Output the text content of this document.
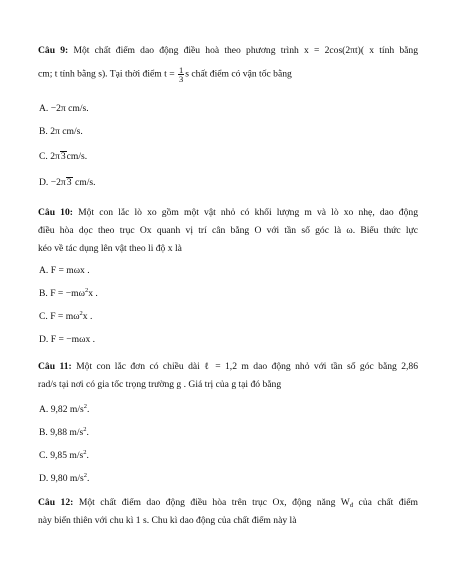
Câu 9: Một chất điểm dao động điều hoà theo phương trình x = 2cos(2πt)( x tính bằng
cm; t tính bằng s). Tại thời điểm $t = \frac{1}{3}$ s chất điểm có vận tốc bằng
A. −2π cm/s.
B. 2π cm/s.
C. 2π3cm/s.
D. −2π3 cm/s.
Câu 10: Một con lắc lò xo gồm một vật nhỏ có khối lượng m và lò xo nhẹ, dao động
điều hòa dọc theo trục Ox quanh vị trí cân bằng O với tần số góc là ω. Biểu thức lực
kéo về tác dụng lên vật theo li độ x là
A. F = mωx .
B. $F = -m\omega^2x$ .
C. $F = m\omega^2x$ .
D. F = −mωx .
Câu 11: Một con lắc đơn có chiều dài ℓ = 1,2 m dao động nhỏ với tần số góc bằng 2,86
rad/s tại nơi có gia tốc trọng trường g . Giá trị của g tại đó bằng
A. 9,82 $m/s^2$.
B. 9,88 $m/s^2$.
C. 9,85 $m/s^2$.
D. 9,80 $m/s^2$.
Câu 12: Một chất điểm dao động điều hòa trên trục Ox, động năng $W_đ$ của chất điểm
này biến thiên với chu kì 1 s. Chu kì dao động của chất điểm này là
